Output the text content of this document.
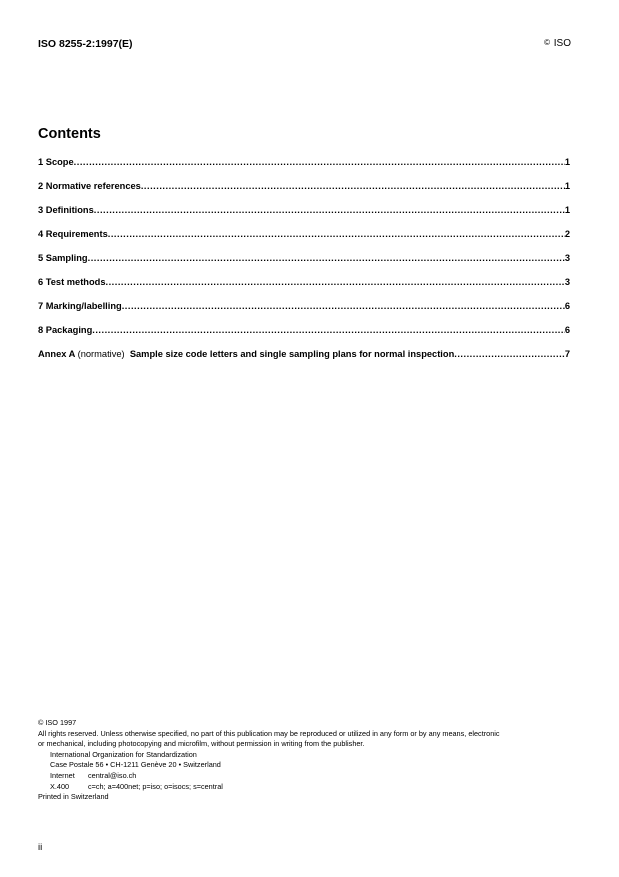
ISO 8255-2:1997(E)	© ISO
Contents
1 Scope .....	1
2 Normative references .....	1
3 Definitions .....	1
4 Requirements .....	2
5 Sampling .....	3
6 Test methods .....	3
7 Marking/labelling .....	6
8 Packaging .....	6
Annex A (normative) Sample size code letters and single sampling plans for normal inspection .....	7
© ISO 1997
All rights reserved. Unless otherwise specified, no part of this publication may be reproduced or utilized in any form or by any means, electronic
or mechanical, including photocopying and microfilm, without permission in writing from the publisher.
International Organization for Standardization
Case Postale 56 • CH-1211 Genève 20 • Switzerland
Internet central@iso.ch
X.400	c=ch; a=400net; p=iso; o=isocs; s=central
Printed in Switzerland
ii
